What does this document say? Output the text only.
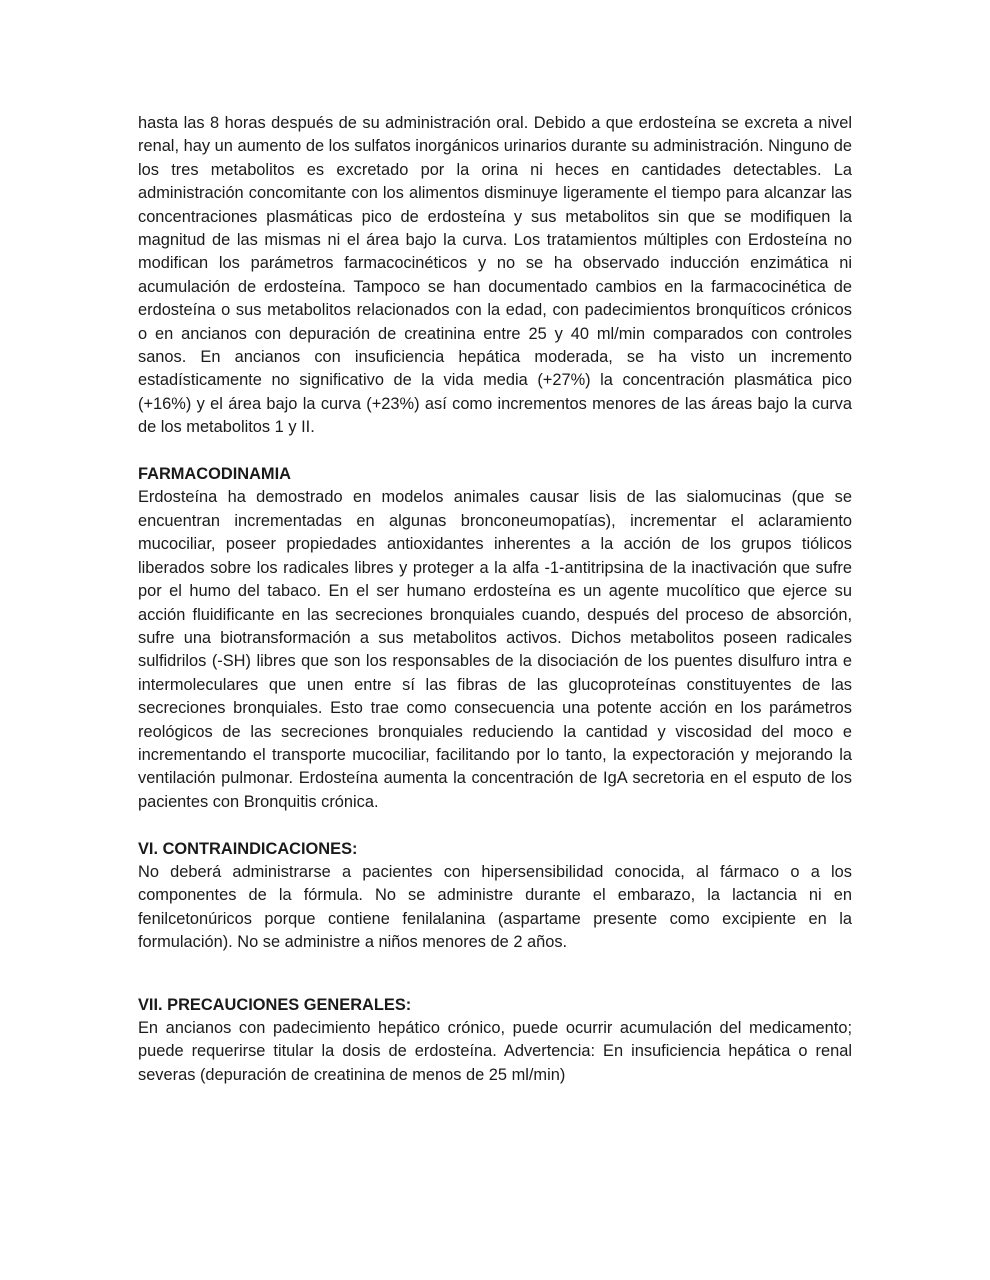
hasta las 8 horas después de su administración oral. Debido a que erdosteína se excreta a nivel renal, hay un aumento de los sulfatos inorgánicos urinarios durante su administración. Ninguno de los tres metabolitos es excretado por la orina ni heces en cantidades detectables. La administración concomitante con los alimentos disminuye ligeramente el tiempo para alcanzar las concentraciones plasmáticas pico de erdosteína y sus metabolitos sin que se modifiquen la magnitud de las mismas ni el área bajo la curva. Los tratamientos múltiples con Erdosteína no modifican los parámetros farmacocinéticos y no se ha observado inducción enzimática ni acumulación de erdosteína. Tampoco se han documentado cambios en la farmacocinética de erdosteína o sus metabolitos relacionados con la edad, con padecimientos bronquíticos crónicos o en ancianos con depuración de creatinina entre 25 y 40 ml/min comparados con controles sanos. En ancianos con insuficiencia hepática moderada, se ha visto un incremento estadísticamente no significativo de la vida media (+27%) la concentración plasmática pico (+16%) y el área bajo la curva (+23%) así como incrementos menores de las áreas bajo la curva de los metabolitos 1 y II.

FARMACODINAMIA

Erdosteína ha demostrado en modelos animales causar lisis de las sialomucinas (que se encuentran incrementadas en algunas bronconeumopatías), incrementar el aclaramiento mucociliar, poseer propiedades antioxidantes inherentes a la acción de los grupos tiólicos liberados sobre los radicales libres y proteger a la alfa -1-antitripsina de la inactivación que sufre por el humo del tabaco. En el ser humano erdosteína es un agente mucolítico que ejerce su acción fluidificante en las secreciones bronquiales cuando, después del proceso de absorción, sufre una biotransformación a sus metabolitos activos. Dichos metabolitos poseen radicales sulfidrilos (-SH) libres que son los responsables de la disociación de los puentes disulfuro intra e intermoleculares que unen entre sí las fibras de las glucoproteínas constituyentes de las secreciones bronquiales. Esto trae como consecuencia una potente acción en los parámetros reológicos de las secreciones bronquiales reduciendo la cantidad y viscosidad del moco e incrementando el transporte mucociliar, facilitando por lo tanto, la expectoración y mejorando la ventilación pulmonar. Erdosteína aumenta la concentración de IgA secretoria en el esputo de los pacientes con Bronquitis crónica.

VI. CONTRAINDICACIONES:

No deberá administrarse a pacientes con hipersensibilidad conocida, al fármaco o a los componentes de la fórmula. No se administre durante el embarazo, la lactancia ni en fenilcetonúricos porque contiene fenilalanina (aspartame presente como excipiente en la formulación). No se administre a niños menores de 2 años.

VII. PRECAUCIONES GENERALES:

En ancianos con padecimiento hepático crónico, puede ocurrir acumulación del medicamento; puede requerirse titular la dosis de erdosteína. Advertencia: En insuficiencia hepática o renal severas (depuración de creatinina de menos de 25 ml/min)
